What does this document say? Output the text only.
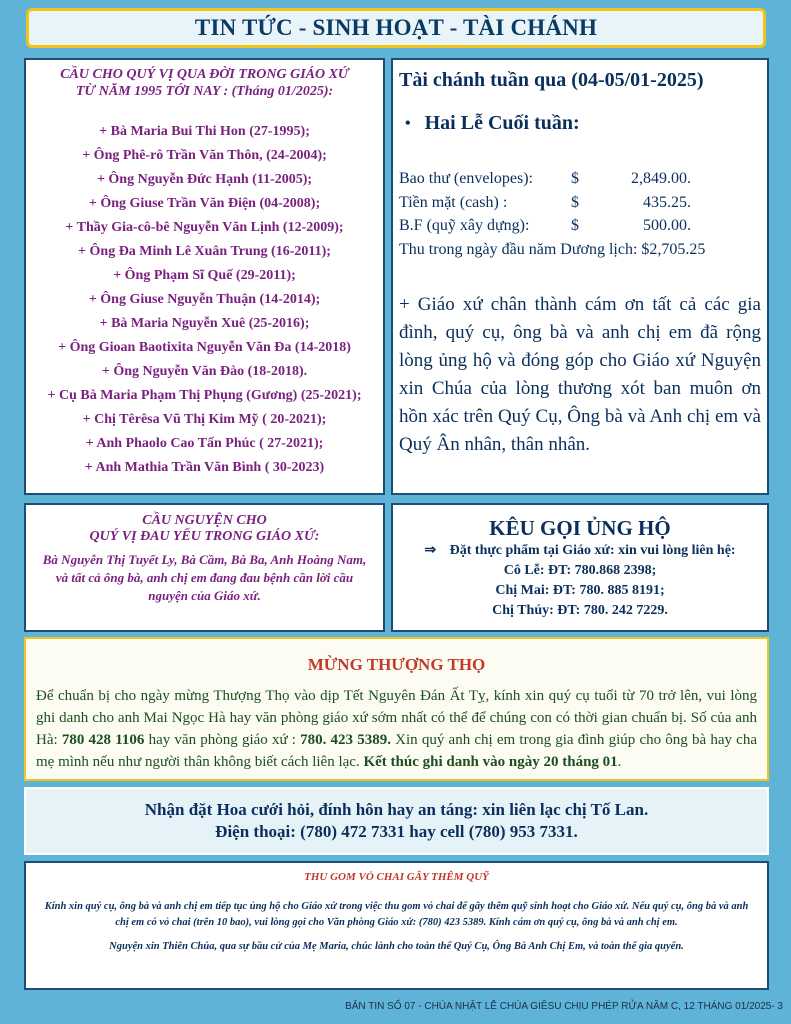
TIN TỨC - SINH HOẠT - TÀI CHÁNH
CẦU CHO QUÝ VỊ QUA ĐỜI TRONG GIÁO XỨ
TỪ NĂM 1995 TỚI NAY : (Tháng 01/2025):
+ Bà Maria Bui Thi Hon (27-1995);
+ Ông Phê-rô Trần Văn Thôn, (24-2004);
+ Ông Nguyễn Đức Hạnh (11-2005);
+ Ông Giuse Trần Văn Điện (04-2008);
+ Thầy Gia-cô-bê Nguyễn Văn Lịnh (12-2009);
+ Ông Đa Minh Lê Xuân Trung (16-2011);
+ Ông Phạm Sĩ Quế (29-2011);
+ Ông Giuse Nguyễn Thuận (14-2014);
+ Bà Maria Nguyễn Xuê (25-2016);
+ Ông Gioan Baotixita Nguyễn Văn Đa (14-2018)
+ Ông Nguyễn Văn Đào (18-2018).
+ Cụ Bà Maria Phạm Thị Phụng (Gương) (25-2021);
+ Chị Têrêsa Vũ Thị Kim Mỹ ( 20-2021);
+ Anh Phaolo Cao Tấn Phúc ( 27-2021);
+ Anh Mathia Trần Văn Bình ( 30-2023)
Tài chánh tuần qua (04-05/01-2025)
• Hai Lễ Cuối tuần:
Bao thư (envelopes):	$	2,849.00.
Tiền mặt (cash) :	$	435.25.
B.F (quỹ xây dựng):	$	500.00.
Thu trong ngày đầu năm Dương lịch: $2,705.25
+ Giáo xứ chân thành cám ơn tất cả các gia đình, quý cụ, ông bà và anh chị em đã rộng lòng ủng hộ và đóng góp cho Giáo xứ Nguyện xin Chúa của lòng thương xót ban muôn ơn hồn xác trên Quý Cụ, Ông bà và Anh chị em và Quý Ân nhân, thân nhân.
CẦU NGUYỆN CHO
QUÝ VỊ ĐAU YẾU TRONG GIÁO XỨ:
Bà Nguyễn Thị Tuyết Ly, Bà Cầm, Bà Ba, Anh Hoàng Nam, và tất cả ông bà, anh chị em đang đau bệnh cần lời cầu nguyện của Giáo xứ.
KÊU GỌI ỦNG HỘ
⇒ Đặt thực phẩm tại Giáo xứ: xin vui lòng liên hệ:
Cô Lễ: ĐT: 780.868 2398;
Chị Mai: ĐT: 780. 885 8191;
Chị Thúy: ĐT: 780. 242 7229.
MỪNG THƯỢNG THỌ
Để chuẩn bị cho ngày mừng Thượng Thọ vào dịp Tết Nguyên Đán Ất Tỵ, kính xin quý cụ tuổi từ 70 trở lên, vui lòng ghi danh cho anh Mai Ngọc Hà hay văn phòng giáo xứ sớm nhất có thể để chúng con có thời gian chuẩn bị. Số của anh Hà: 780 428 1106 hay văn phòng giáo xứ : 780. 423 5389. Xin quý anh chị em trong gia đình giúp cho ông bà hay cha mẹ mình nếu như người thân không biết cách liên lạc. Kết thúc ghi danh vào ngày 20 tháng 01.
Nhận đặt Hoa cưới hỏi, đính hôn hay an táng: xin liên lạc chị Tố Lan.
Điện thoại: (780) 472 7331 hay cell (780) 953 7331.
THU GOM VỎ CHAI GÂY THÊM QUỸ
Kính xin quý cụ, ông bà và anh chị em tiếp tục ủng hộ cho Giáo xứ trong việc thu gom vỏ chai để gây thêm quỹ sinh hoạt cho Giáo xứ. Nếu quý cụ, ông bà và anh chị em có vỏ chai (trên 10 bao), vui lòng gọi cho Văn phòng Giáo xứ: (780) 423 5389. Kính cám ơn quý cụ, ông bà và anh chị em.
Nguyện xin Thiên Chúa, qua sự bầu cử của Mẹ Maria, chúc lành cho toàn thể Quý Cụ, Ông Bà Anh Chị Em, và toàn thể gia quyến.
BẢN TIN SỐ 07 - CHÚA NHẬT LỄ CHÚA GIÊSU CHỊU PHÉP RỬA NĂM C, 12 THÁNG 01/2025- 3
